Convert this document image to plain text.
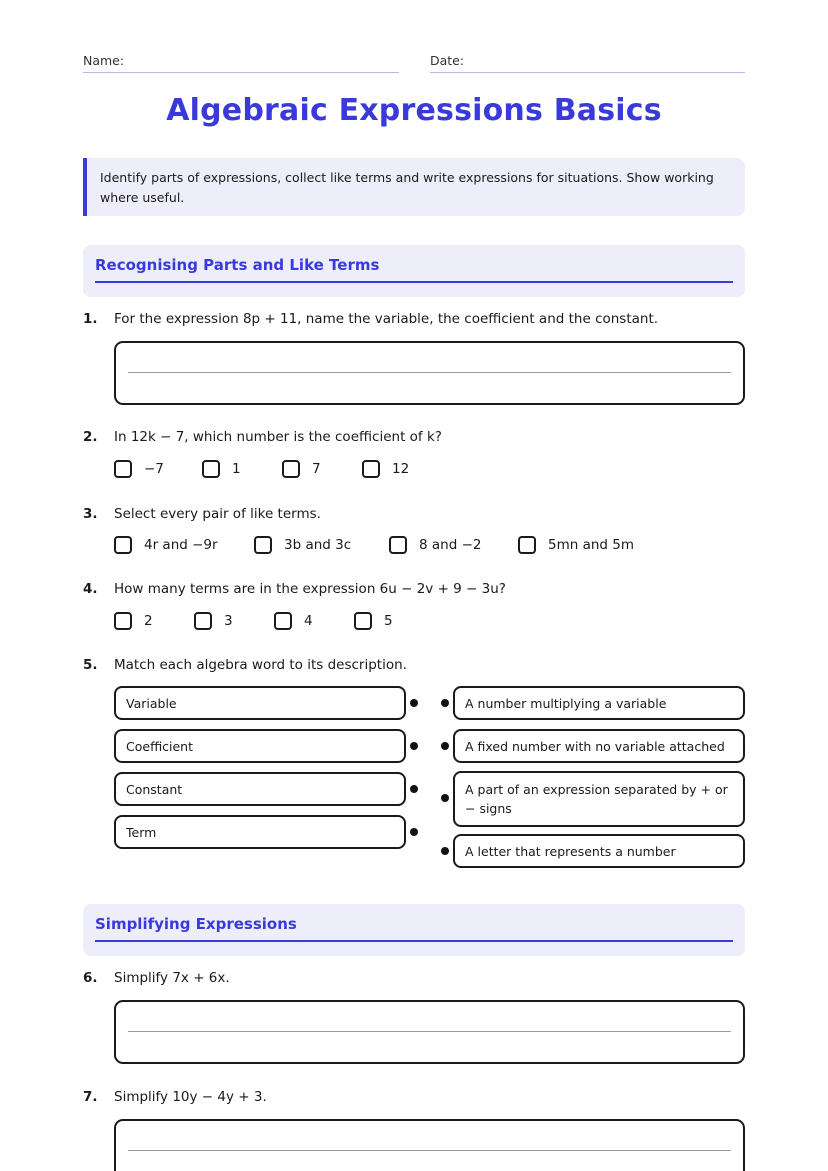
Name:	Date:
Algebraic Expressions Basics
Identify parts of expressions, collect like terms and write expressions for situations. Show working where useful.
Recognising Parts and Like Terms
1. For the expression 8p + 11, name the variable, the coefficient and the constant.
2. In 12k − 7, which number is the coefficient of k?
−7	1	7	12
3. Select every pair of like terms.
4r and −9r	3b and 3c	8 and −2	5mn and 5m
4. How many terms are in the expression 6u − 2v + 9 − 3u?
2	3	4	5
5. Match each algebra word to its description.
Variable
Coefficient
Constant
Term
A number multiplying a variable
A fixed number with no variable attached
A part of an expression separated by + or − signs
A letter that represents a number
Simplifying Expressions
6. Simplify 7x + 6x.
7. Simplify 10y − 4y + 3.
